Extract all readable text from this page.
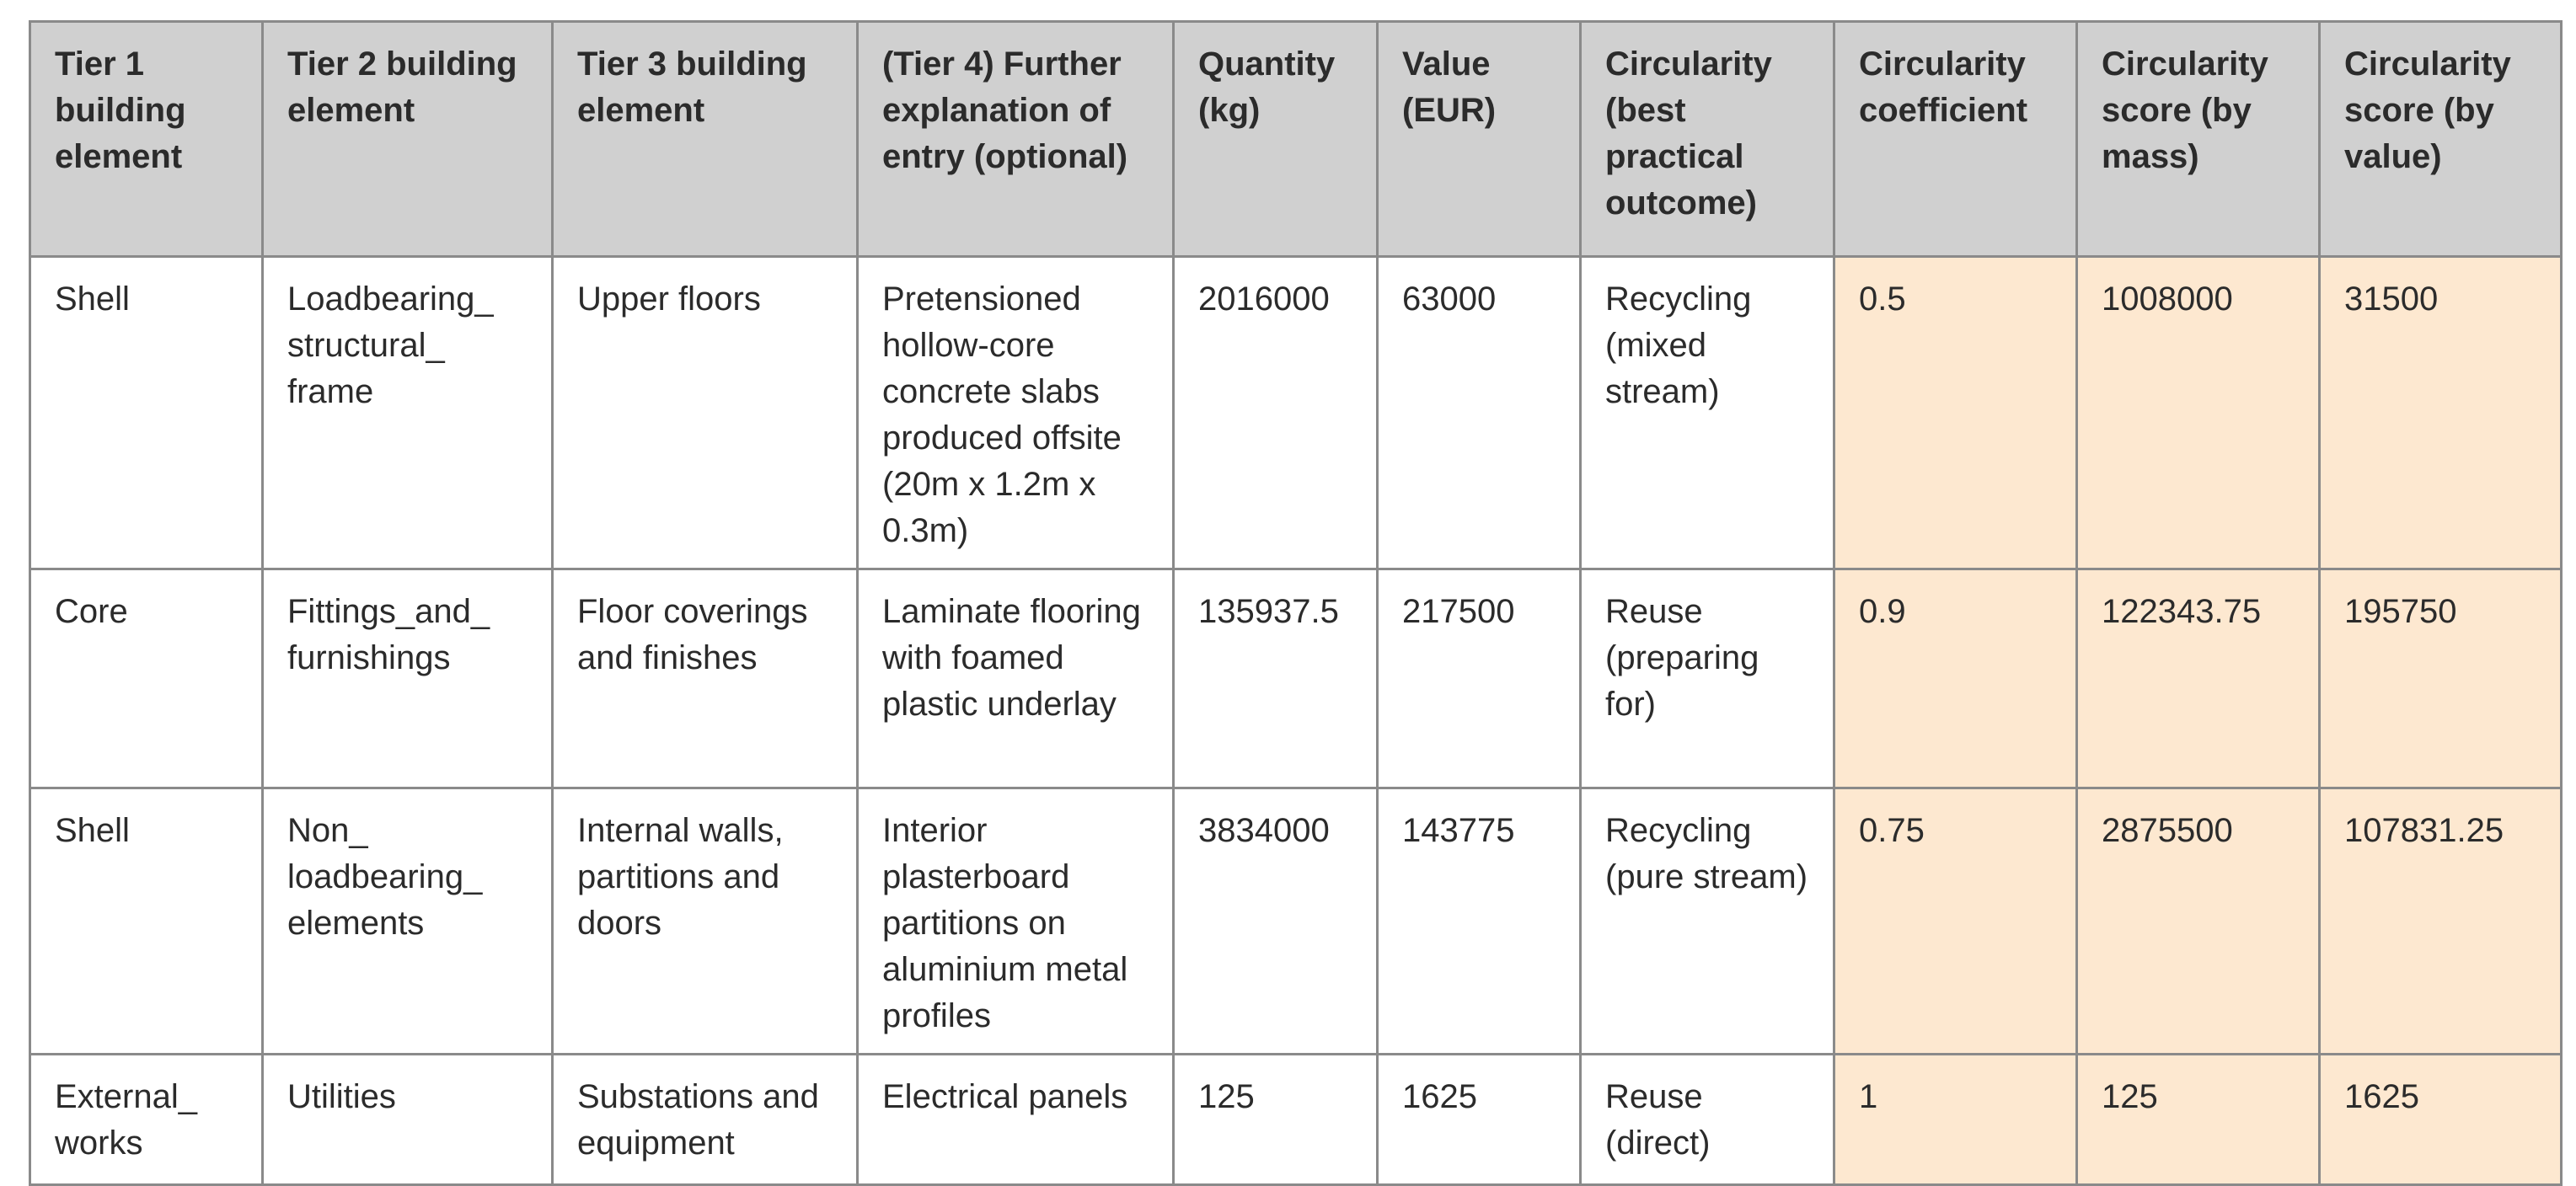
Tier 1 building element	Tier 2 building element	Tier 3 building element	(Tier 4) Further explanation of entry (optional)	Quantity (kg)	Value (EUR)	Circularity (best practical outcome)	Circularity coefficient	Circularity score (by mass)	Circularity score (by value)
Shell	Loadbearing_ structural_ frame	Upper floors	Pretensioned hollow-core concrete slabs produced offsite (20m x 1.2m x 0.3m)	2016000	63000	Recycling (mixed stream)	0.5	1008000	31500
Core	Fittings_and_ furnishings	Floor coverings and finishes	Laminate flooring with foamed plastic underlay	135937.5	217500	Reuse (preparing for)	0.9	122343.75	195750
Shell	Non_ loadbearing_ elements	Internal walls, partitions and doors	Interior plasterboard partitions on aluminium metal profiles	3834000	143775	Recycling (pure stream)	0.75	2875500	107831.25
External_ works	Utilities	Substations and equipment	Electrical panels	125	1625	Reuse (direct)	1	125	1625
